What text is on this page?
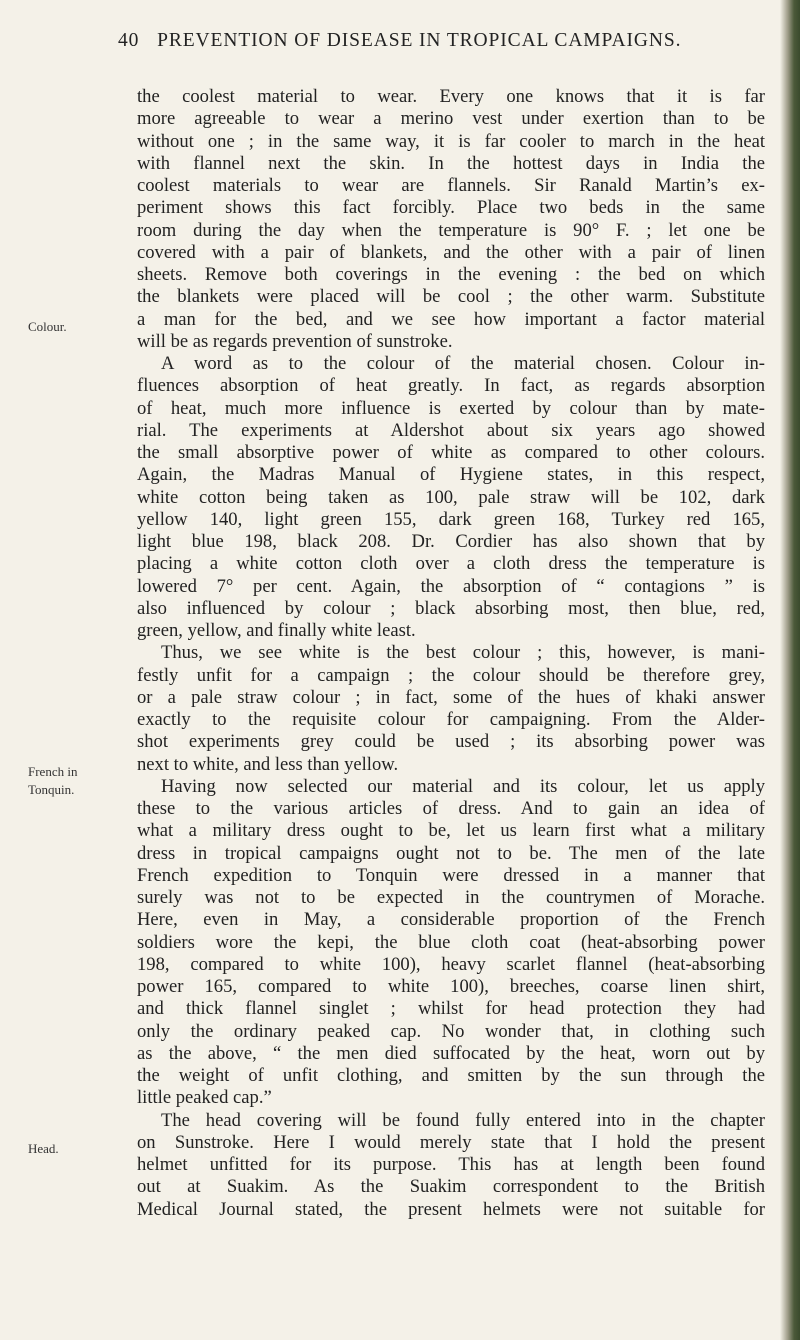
40 PREVENTION OF DISEASE IN TROPICAL CAMPAIGNS.
Colour.
French in
Tonquin.
Head.
the coolest material to wear. Every one knows that it is far
more agreeable to wear a merino vest under exertion than to be
without one ; in the same way, it is far cooler to march in the heat
with flannel next the skin. In the hottest days in India the
coolest materials to wear are flannels. Sir Ranald Martin’s ex-
periment shows this fact forcibly. Place two beds in the same
room during the day when the temperature is 90° F. ; let one be
covered with a pair of blankets, and the other with a pair of linen
sheets. Remove both coverings in the evening : the bed on which
the blankets were placed will be cool ; the other warm. Substitute
a man for the bed, and we see how important a factor material
will be as regards prevention of sunstroke.
A word as to the colour of the material chosen. Colour in-
fluences absorption of heat greatly. In fact, as regards absorption
of heat, much more influence is exerted by colour than by mate-
rial. The experiments at Aldershot about six years ago showed
the small absorptive power of white as compared to other colours.
Again, the Madras Manual of Hygiene states, in this respect,
white cotton being taken as 100, pale straw will be 102, dark
yellow 140, light green 155, dark green 168, Turkey red 165,
light blue 198, black 208. Dr. Cordier has also shown that by
placing a white cotton cloth over a cloth dress the temperature is
lowered 7° per cent. Again, the absorption of “ contagions ” is
also influenced by colour ; black absorbing most, then blue, red,
green, yellow, and finally white least.
Thus, we see white is the best colour ; this, however, is mani-
festly unfit for a campaign ; the colour should be therefore grey,
or a pale straw colour ; in fact, some of the hues of khaki answer
exactly to the requisite colour for campaigning. From the Alder-
shot experiments grey could be used ; its absorbing power was
next to white, and less than yellow.
Having now selected our material and its colour, let us apply
these to the various articles of dress. And to gain an idea of
what a military dress ought to be, let us learn first what a military
dress in tropical campaigns ought not to be. The men of the late
French expedition to Tonquin were dressed in a manner that
surely was not to be expected in the countrymen of Morache.
Here, even in May, a considerable proportion of the French
soldiers wore the kepi, the blue cloth coat (heat-absorbing power
198, compared to white 100), heavy scarlet flannel (heat-absorbing
power 165, compared to white 100), breeches, coarse linen shirt,
and thick flannel singlet ; whilst for head protection they had
only the ordinary peaked cap. No wonder that, in clothing such
as the above, “ the men died suffocated by the heat, worn out by
the weight of unfit clothing, and smitten by the sun through the
little peaked cap.”
The head covering will be found fully entered into in the chapter
on Sunstroke. Here I would merely state that I hold the present
helmet unfitted for its purpose. This has at length been found
out at Suakim. As the Suakim correspondent to the British
Medical Journal stated, the present helmets were not suitable for
